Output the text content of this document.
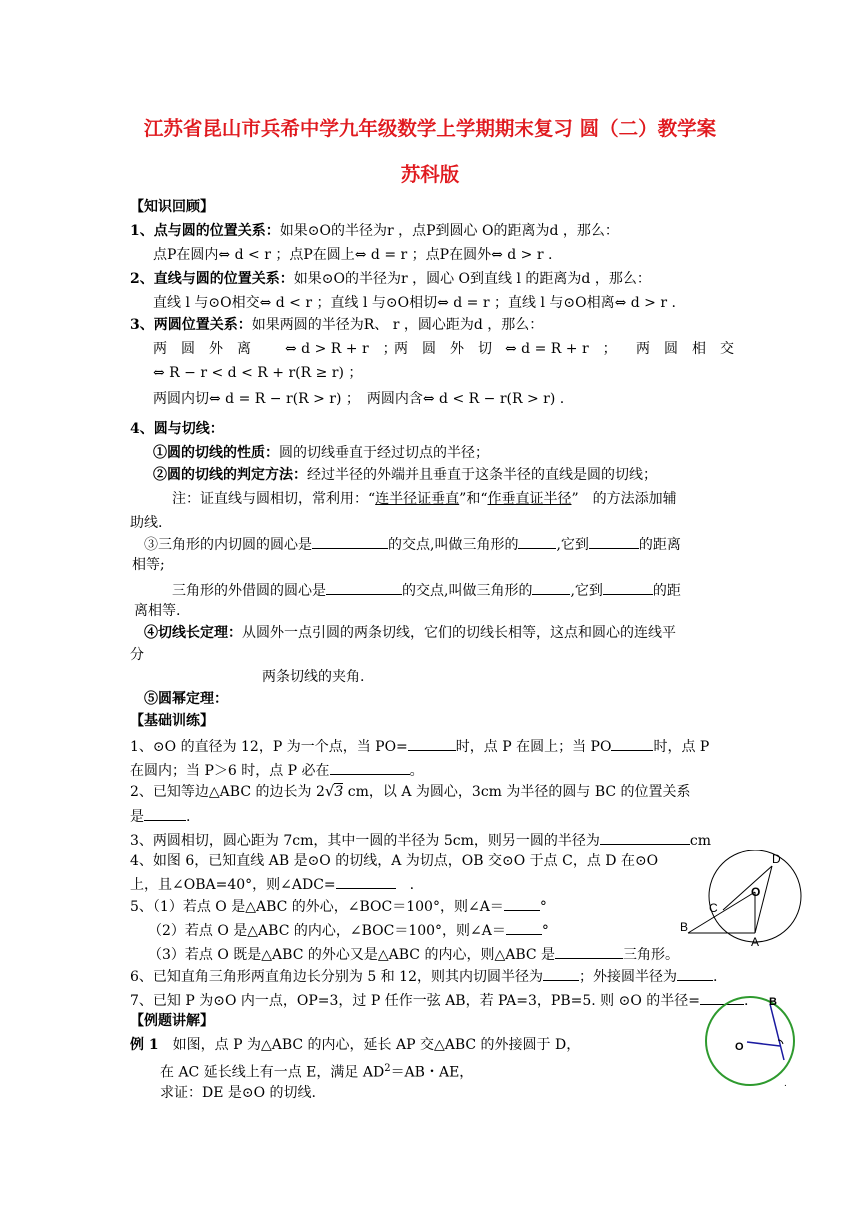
江苏省昆山市兵希中学九年级数学上学期期末复习 圆（二）教学案
苏科版
【知识回顾】
1、点与圆的位置关系：如果⊙O的半径为r ，点P到圆心 O的距离为d ，那么：
点P在圆内⇔ d < r ；点P在圆上⇔ d = r ；点P在圆外⇔ d > r .
2、直线与圆的位置关系：如果⊙O的半径为r ，圆心 O到直线 l 的距离为d ，那么：
直线 l 与⊙O相交⇔ d < r ；直线 l 与⊙O相切⇔ d = r ；直线 l 与⊙O相离⇔ d > r .
3、两圆位置关系：如果两圆的半径为R、 r ，圆心距为d ，那么：
两　圆　外　离 ⇔ d > R + r　；
两　圆　外　切 ⇔ d = R + r　； 两　圆　相　交
⇔ R − r < d < R + r(R ≥ r) ；
两圆内切⇔ d = R − r(R > r) ；　两圆内含⇔ d < R − r(R > r) .
4、圆与切线：
①圆的切线的性质：圆的切线垂直于经过切点的半径；
②圆的切线的判定方法：经过半径的外端并且垂直于这条半径的直线是圆的切线；
注：证直线与圆相切，常利用：“连半径证垂直”和“作垂直证半径”　的方法添加辅
助线.
③三角形的内切圆的圆心是	的交点,叫做三角形的	,它到	的距离
相等;
三角形的外借圆的圆心是	的交点,叫做三角形的	,它到	的距
离相等.
④切线长定理：从圆外一点引圆的两条切线，它们的切线长相等，这点和圆心的连线平
分
两条切线的夹角.
⑤圆幂定理：
【基础训练】
1、⊙O 的直径为 12，P 为一个点，当 PO=	时，点 P 在圆上；当 PO	时，点 P
在圆内；当 P＞6 时，点 P 必在	。
2、已知等边△ABC 的边长为 2√3 cm，以 A 为圆心，3cm 为半径的圆与 BC 的位置关系
是	.
3、两圆相切，圆心距为 7cm，其中一圆的半径为 5cm，则另一圆的半径为	cm
4、如图 6，已知直线 AB 是⊙O 的切线，A 为切点，OB 交⊙O 于点 C，点 D 在⊙O
上，且∠OBA=40°，则∠ADC=　	.
5、（1）若点 O 是△ABC 的外心，∠BOC＝100°，则∠A＝	°
（2）若点 O 是△ABC 的内心，∠BOC＝100°，则∠A＝	°
（3）若点 O 既是△ABC 的外心又是△ABC 的内心，则△ABC 是	三角形。
6、已知直角三角形两直角边长分别为 5 和 12，则其内切圆半径为	；外接圆半径为	.
7、已知 P 为⊙O 内一点，OP=3，过 P 任作一弦 AB，若 PA=3，PB=5. 则 ⊙O 的半径=	.
【例题讲解】
例 1　 如图，点 P 为△ABC 的内心，延长 AP 交△ABC 的外接圆于 D，
在 AC 延长线上有一点 E，满足 $AD^2=AB$・AE，
求证：DE 是⊙O 的切线.
D
O
C
B
A
B
O
.
